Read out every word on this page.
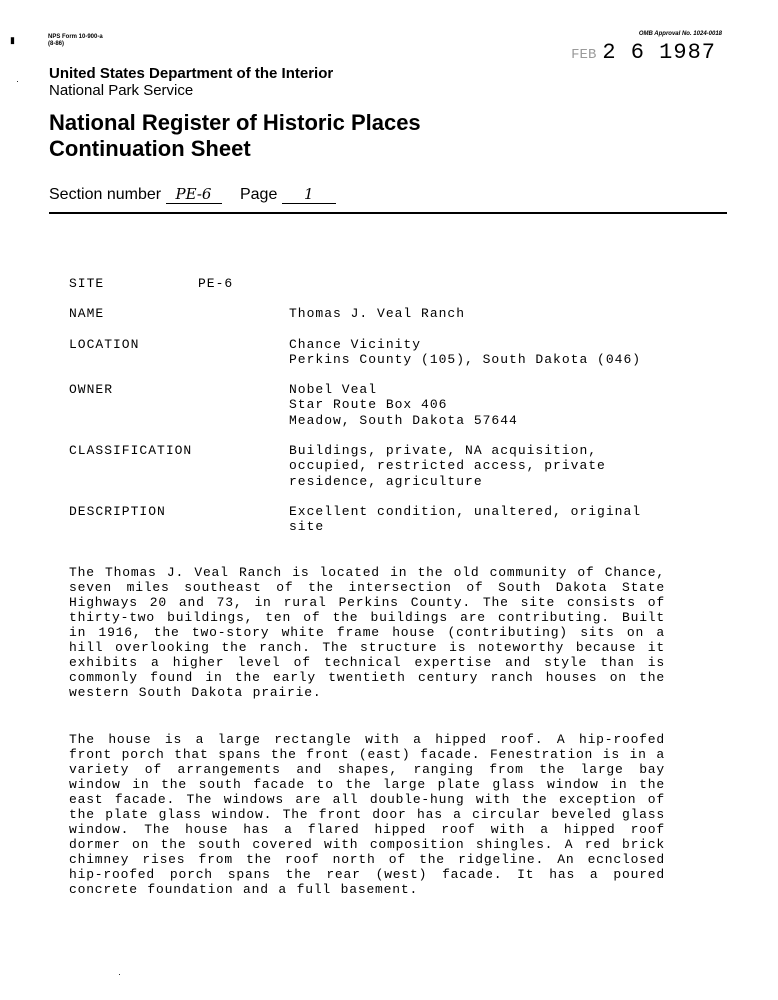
▮
·
·
NPS Form 10-900-a
(8-86)
OMB Approval No. 1024-0018
FEB 2 6 1987
United States Department of the Interior
National Park Service
National Register of Historic Places
Continuation Sheet
Section number PE-6 Page 1
SITE	PE-6
NAME	Thomas J. Veal Ranch
LOCATION	Chance Vicinity
Perkins County (105), South Dakota (046)
OWNER	Nobel Veal
Star Route Box 406
Meadow, South Dakota 57644
CLASSIFICATION	Buildings, private, NA acquisition,
occupied, restricted access, private
residence, agriculture
DESCRIPTION	Excellent condition, unaltered, original
site
The Thomas J. Veal Ranch is located in the old community of Chance, seven miles southeast of the intersection of South Dakota State Highways 20 and 73, in rural Perkins County. The site consists of thirty-two buildings, ten of the buildings are contributing. Built in 1916, the two-story white frame house (contributing) sits on a hill overlooking the ranch. The structure is noteworthy because it exhibits a higher level of technical expertise and style than is commonly found in the early twentieth century ranch houses on the western South Dakota prairie.
The house is a large rectangle with a hipped roof. A hip-roofed front porch that spans the front (east) facade. Fenestration is in a variety of arrangements and shapes, ranging from the large bay window in the south facade to the large plate glass window in the east facade. The windows are all double-hung with the exception of the plate glass window. The front door has a circular beveled glass window. The house has a flared hipped roof with a hipped roof dormer on the south covered with composition shingles. A red brick chimney rises from the roof north of the ridgeline. An ecnclosed hip-roofed porch spans the rear (west) facade. It has a poured concrete foundation and a full basement.
